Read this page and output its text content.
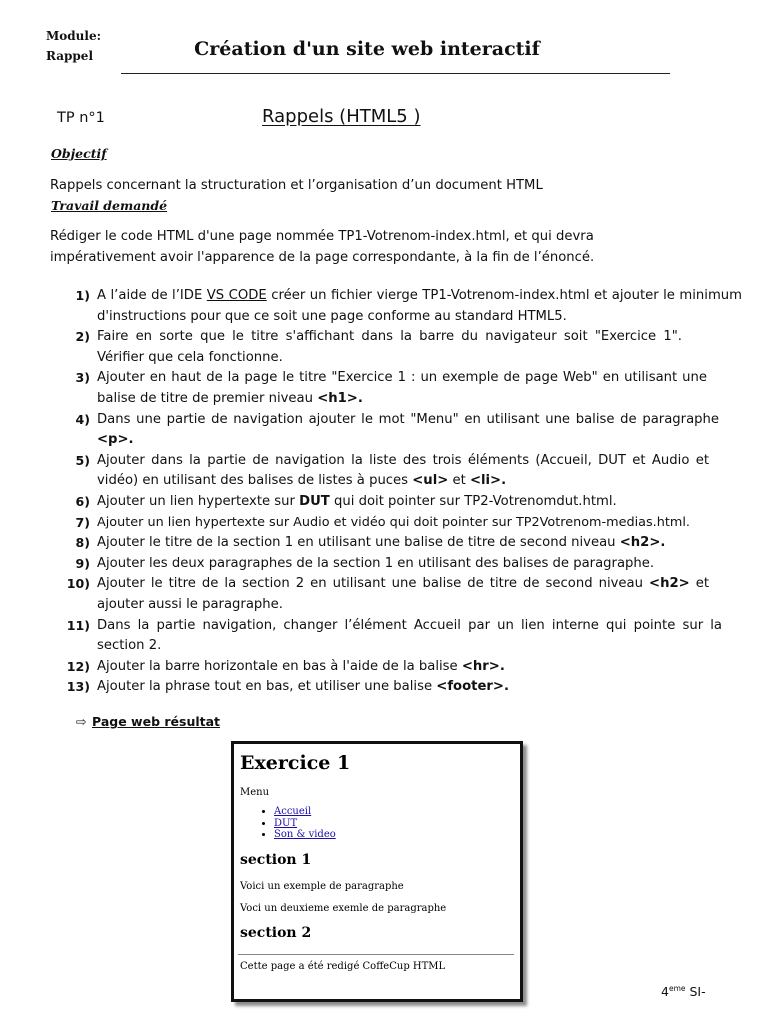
Module:
Rappel	Création d'un site web interactif
TP n°1	Rappels (HTML5 )
Objectif
Rappels concernant la structuration et l’organisation d’un document HTML
Travail demandé
Rédiger le code HTML d'une page nommée TP1-Votrenom-index.html, et qui devra impérativement avoir l'apparence de la page correspondante, à la fin de l’énoncé.
1) A l’aide de l’IDE VS CODE créer un fichier vierge TP1-Votrenom-index.html et ajouter le minimum d'instructions pour que ce soit une page conforme au standard HTML5.
2) Faire en sorte que le titre s'affichant dans la barre du navigateur soit "Exercice 1". Vérifier que cela fonctionne.
3) Ajouter en haut de la page le titre "Exercice 1 : un exemple de page Web" en utilisant une balise de titre de premier niveau <h1>.
4) Dans une partie de navigation ajouter le mot "Menu" en utilisant une balise de paragraphe <p>.
5) Ajouter dans la partie de navigation la liste des trois éléments (Accueil, DUT et Audio et vidéo) en utilisant des balises de listes à puces <ul> et <li>.
6) Ajouter un lien hypertexte sur DUT qui doit pointer sur TP2-Votrenomdut.html.
7) Ajouter un lien hypertexte sur Audio et vidéo qui doit pointer sur TP2Votrenom-medias.html.
8) Ajouter le titre de la section 1 en utilisant une balise de titre de second niveau <h2>.
9) Ajouter les deux paragraphes de la section 1 en utilisant des balises de paragraphe.
10) Ajouter le titre de la section 2 en utilisant une balise de titre de second niveau <h2> et ajouter aussi le paragraphe.
11) Dans la partie navigation, changer l’élément Accueil par un lien interne qui pointe sur la section 2.
12) Ajouter la barre horizontale en bas à l'aide de la balise <hr>.
13) Ajouter la phrase tout en bas, et utiliser une balise <footer>.
⇨ Page web résultat
Exercice 1
Menu
• Accueil
• DUT
• Son & video
section 1
Voici un exemple de paragraphe
Voci un deuxieme exemle de paragraphe
section 2
Cette page a été redigé CoffeCup HTML
4eme SI-
